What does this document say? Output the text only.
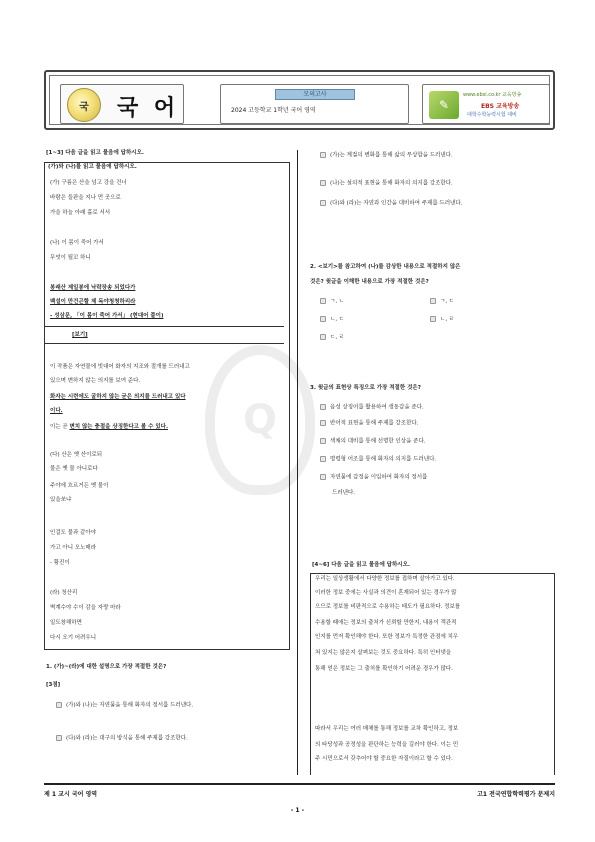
국	국 어
모의고사
2024 고등학교 1학년 국어 영역	✎
www.ebsi.co.kr 교육방송
EBS 교육방송
대학수학능력시험 대비
Q
[1~3] 다음 글을 읽고 물음에 답하시오.
(가)와 (나)를 읽고 물음에 답하시오.
(가) 구름은 산을 넘고 강을 건너
바람은 들판을 지나 먼 곳으로
가을 하늘 아래 홀로 서서
(나) 이 몸이 죽어 가서
무엇이 될꼬 하니
봉래산 제일봉에 낙락장송 되었다가
백설이 만건곤할 제 독야청청하리라
- 성삼문, 「이 몸이 죽어 가서」 (현대어 풀이)
[보기]
이 작품은 자연물에 빗대어 화자의 지조와 절개를 드러내고
있으며 변하지 않는 의지를 보여 준다.
화자는 시련에도 굴하지 않는 굳은 의지를 드러내고 있다
이다.
이는 곧 변치 않는 충절을 상징한다고 볼 수 있다.
(다) 산은 옛 산이로되
물은 옛 물 아니로다
주야에 흐르거든 옛 물이
있을쏘냐
인걸도 물과 같아야
가고 아니 오노매라
- 황진이
(라) 청산리
벽계수야 수이 감을 자랑 마라
일도창해하면
다시 오기 어려우니
1. (가)~(라)에 대한 설명으로 가장 적절한 것은?
[3점]
(가)와 (나)는 자연물을 통해 화자의 정서를 드러낸다.
(다)와 (라)는 대구의 방식을 통해 주제를 강조한다.
(가)는 계절의 변화를 통해 삶의 무상함을 드러낸다.
(나)는 설의적 표현을 통해 화자의 의지를 강조한다.
(다)와 (라)는 자연과 인간을 대비하여 주제를 드러낸다.
2. <보기>를 참고하여 (나)를 감상한 내용으로 적절하지 않은
것은? 윗글을 이해한 내용으로 가장 적절한 것은?
ㄱ, ㄴ	ㄱ, ㄷ
ㄴ, ㄷ	ㄴ, ㄹ
ㄷ, ㄹ
3. 윗글의 표현상 특징으로 가장 적절한 것은?
음성 상징어를 활용하여 생동감을 준다.
반어적 표현을 통해 주제를 강조한다.
색채의 대비를 통해 선명한 인상을 준다.
명령형 어조를 통해 화자의 의지를 드러낸다.
자연물에 감정을 이입하여 화자의 정서를
드러낸다.
[4~6] 다음 글을 읽고 물음에 답하시오.
우리는 일상생활에서 다양한 정보를 접하며 살아가고 있다.
이러한 정보 중에는 사실과 의견이 혼재되어 있는 경우가 많
으므로 정보를 비판적으로 수용하는 태도가 필요하다. 정보를
수용할 때에는 정보의 출처가 신뢰할 만한지, 내용이 객관적
인지를 먼저 확인해야 한다. 또한 정보가 특정한 관점에 치우
쳐 있지는 않은지 살펴보는 것도 중요하다. 특히 인터넷을
통해 얻은 정보는 그 출처를 확인하기 어려운 경우가 많다.
따라서 우리는 여러 매체를 통해 정보를 교차 확인하고, 정보
의 타당성과 공정성을 판단하는 능력을 길러야 한다. 이는 민
주 시민으로서 갖추어야 할 중요한 자질이라고 할 수 있다.
제 1 교시 국어 영역	고1 전국연합학력평가 문제지
- 1 -
